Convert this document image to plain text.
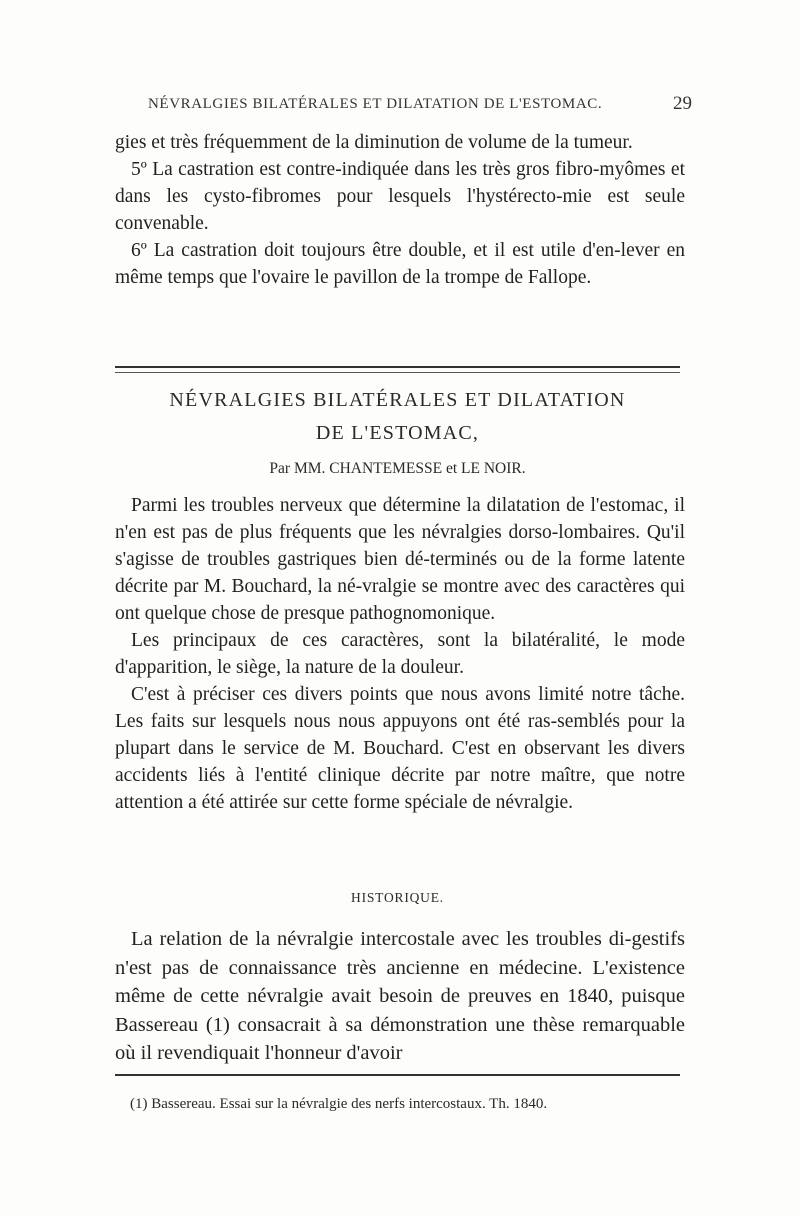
NÉVRALGIES BILATÉRALES ET DILATATION DE L'ESTOMAC.	29

gies et très fréquemment de la diminution de volume de la tumeur.

5º La castration est contre-indiquée dans les très gros fibro-myômes et dans les cysto-fibromes pour lesquels l'hystérecto-mie est seule convenable.

6º La castration doit toujours être double, et il est utile d'en-lever en même temps que l'ovaire le pavillon de la trompe de Fallope.

NÉVRALGIES BILATÉRALES ET DILATATION
DE L'ESTOMAC,
Par MM. CHANTEMESSE et LE NOIR.

Parmi les troubles nerveux que détermine la dilatation de l'estomac, il n'en est pas de plus fréquents que les névralgies dorso-lombaires. Qu'il s'agisse de troubles gastriques bien dé-terminés ou de la forme latente décrite par M. Bouchard, la né-vralgie se montre avec des caractères qui ont quelque chose de presque pathognomonique.

Les principaux de ces caractères, sont la bilatéralité, le mode d'apparition, le siège, la nature de la douleur.

C'est à préciser ces divers points que nous avons limité notre tâche. Les faits sur lesquels nous nous appuyons ont été ras-semblés pour la plupart dans le service de M. Bouchard. C'est en observant les divers accidents liés à l'entité clinique décrite par notre maître, que notre attention a été attirée sur cette forme spéciale de névralgie.

HISTORIQUE.

La relation de la névralgie intercostale avec les troubles di-gestifs n'est pas de connaissance très ancienne en médecine. L'existence même de cette névralgie avait besoin de preuves en 1840, puisque Bassereau (1) consacrait à sa démonstration une thèse remarquable où il revendiquait l'honneur d'avoir

(1) Bassereau. Essai sur la névralgie des nerfs intercostaux. Th. 1840.
